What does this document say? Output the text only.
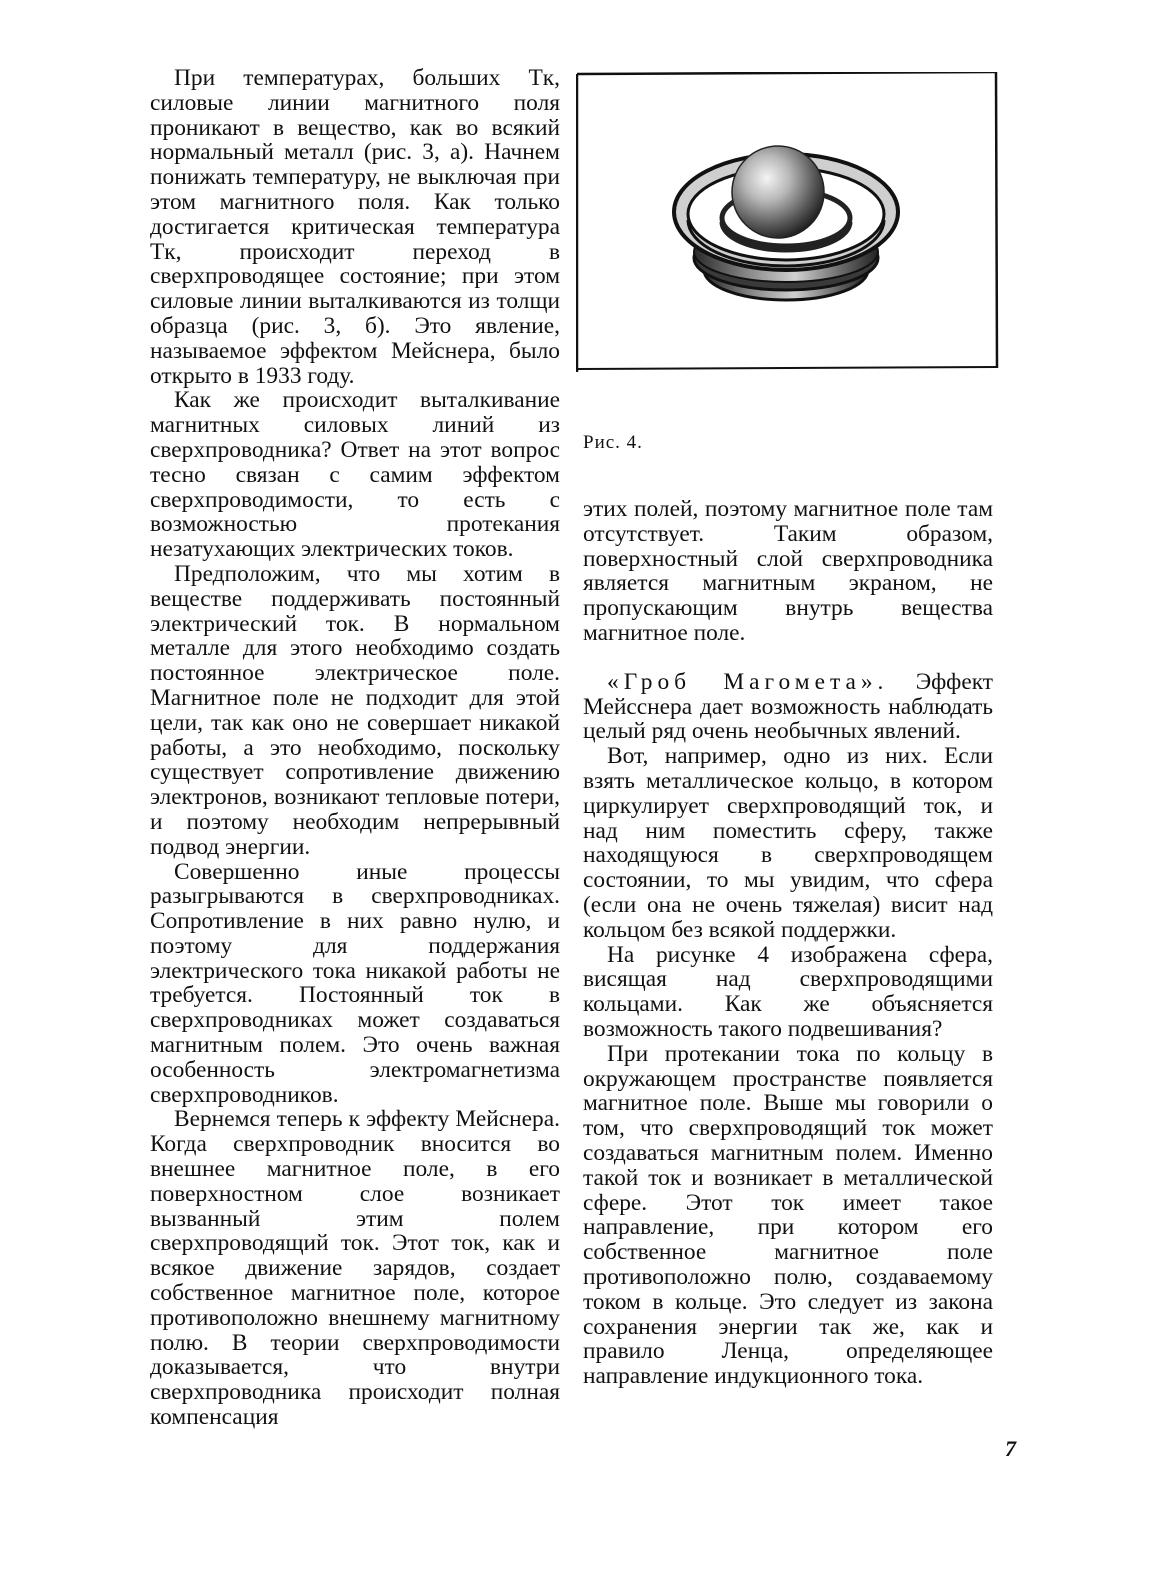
При температурах, больших Tк, силовые линии магнитного поля проникают в вещество, как во всякий нормальный металл (рис. 3, а). Начнем понижать температуру, не выключая при этом магнитного поля. Как только достигается критическая температура Tк, происходит переход в сверхпроводящее состояние; при этом силовые линии выталкиваются из толщи образца (рис. 3, б). Это явление, называемое эффектом Мейснера, было открыто в 1933 году.

Как же происходит выталкивание магнитных силовых линий из сверхпроводника? Ответ на этот вопрос тесно связан с самим эффектом сверхпроводимости, то есть с возможностью протекания незатухающих электрических токов.

Предположим, что мы хотим в веществе поддерживать постоянный электрический ток. В нормальном металле для этого необходимо создать постоянное электрическое поле. Магнитное поле не подходит для этой цели, так как оно не совершает никакой работы, а это необходимо, поскольку существует сопротивление движению электронов, возникают тепловые потери, и поэтому необходим непрерывный подвод энергии.

Совершенно иные процессы разыгрываются в сверхпроводниках. Сопротивление в них равно нулю, и поэтому для поддержания электрического тока никакой работы не требуется. Постоянный ток в сверхпроводниках может создаваться магнитным полем. Это очень важная особенность электромагнетизма сверхпроводников.

Вернемся теперь к эффекту Мейснера. Когда сверхпроводник вносится во внешнее магнитное поле, в его поверхностном слое возникает вызванный этим полем сверхпроводящий ток. Этот ток, как и всякое движение зарядов, создает собственное магнитное поле, которое противоположно внешнему магнитному полю. В теории сверхпроводимости доказывается, что внутри сверхпроводника происходит полная компенсация

Рис. 4.

этих полей, поэтому магнитное поле там отсутствует. Таким образом, поверхностный слой сверхпроводника является магнитным экраном, не пропускающим внутрь вещества магнитное поле.

«Гроб Магомета». Эффект Мейсснера дает возможность наблюдать целый ряд очень необычных явлений.

Вот, например, одно из них. Если взять металлическое кольцо, в котором циркулирует сверхпроводящий ток, и над ним поместить сферу, также находящуюся в сверхпроводящем состоянии, то мы увидим, что сфера (если она не очень тяжелая) висит над кольцом без всякой поддержки.

На рисунке 4 изображена сфера, висящая над сверхпроводящими кольцами. Как же объясняется возможность такого подвешивания?

При протекании тока по кольцу в окружающем пространстве появляется магнитное поле. Выше мы говорили о том, что сверхпроводящий ток может создаваться магнитным полем. Именно такой ток и возникает в металлической сфере. Этот ток имеет такое направление, при котором его собственное магнитное поле противоположно полю, создаваемому током в кольце. Это следует из закона сохранения энергии так же, как и правило Ленца, определяющее направление индукционного тока.

7
